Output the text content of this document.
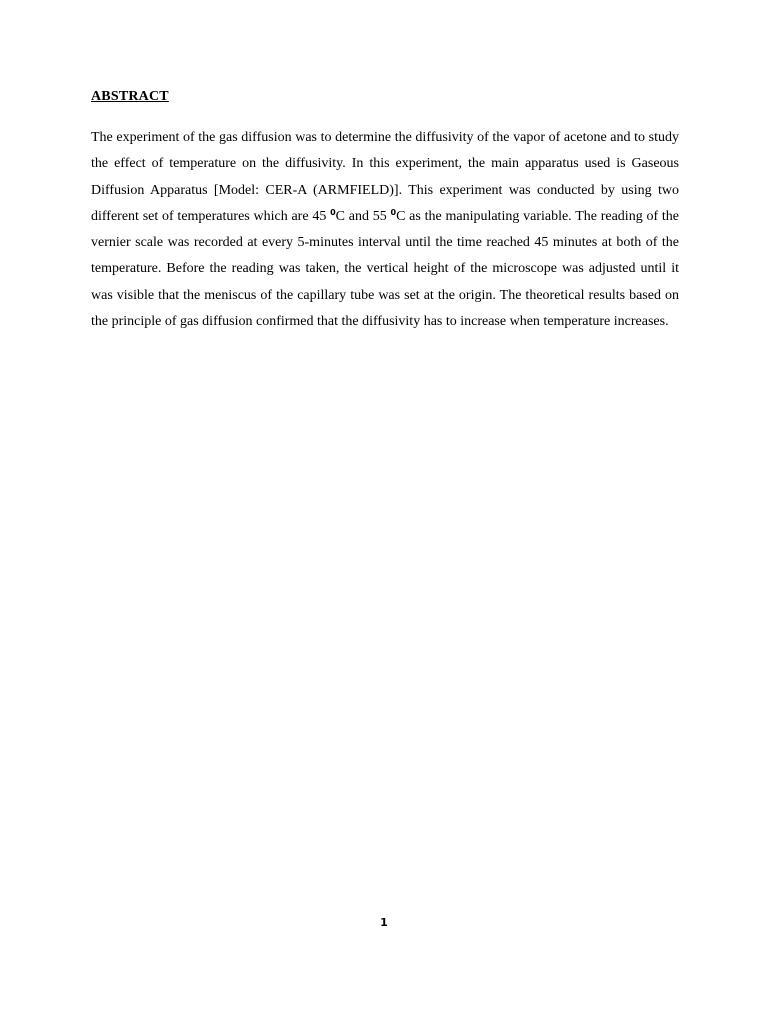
ABSTRACT

The experiment of the gas diffusion was to determine the diffusivity of the vapor of acetone and to study the effect of temperature on the diffusivity. In this experiment, the main apparatus used is Gaseous Diffusion Apparatus [Model: CER-A (ARMFIELD)]. This experiment was conducted by using two different set of temperatures which are 45 $^0$C and 55 $^0$C as the manipulating variable. The reading of the vernier scale was recorded at every 5-minutes interval until the time reached 45 minutes at both of the temperature. Before the reading was taken, the vertical height of the microscope was adjusted until it was visible that the meniscus of the capillary tube was set at the origin. The theoretical results based on the principle of gas diffusion confirmed that the diffusivity has to increase when temperature increases.

1
